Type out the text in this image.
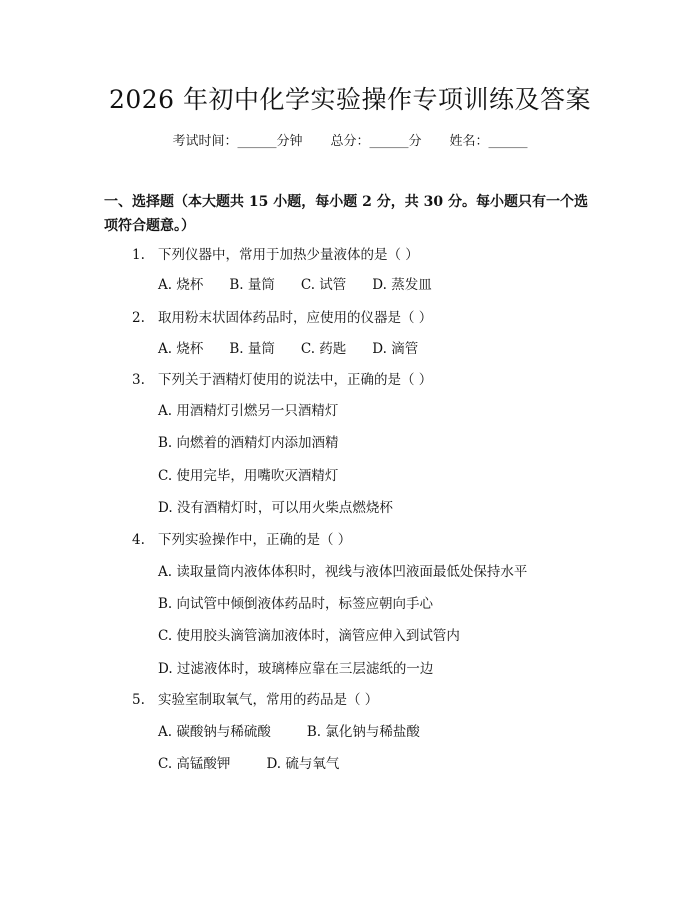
2026 年初中化学实验操作专项训练及答案
考试时间：______分钟 总分：______分 姓名：______
一、选择题（本大题共 15 小题，每小题 2 分，共 30 分。每小题只有一个选项符合题意。）
1. 下列仪器中，常用于加热少量液体的是（ ）
A. 烧杯 B. 量筒 C. 试管 D. 蒸发皿
2. 取用粉末状固体药品时，应使用的仪器是（ ）
A. 烧杯 B. 量筒 C. 药匙 D. 滴管
3. 下列关于酒精灯使用的说法中，正确的是（ ）
A. 用酒精灯引燃另一只酒精灯
B. 向燃着的酒精灯内添加酒精
C. 使用完毕，用嘴吹灭酒精灯
D. 没有酒精灯时，可以用火柴点燃烧杯
4. 下列实验操作中，正确的是（ ）
A. 读取量筒内液体体积时，视线与液体凹液面最低处保持水平
B. 向试管中倾倒液体药品时，标签应朝向手心
C. 使用胶头滴管滴加液体时，滴管应伸入到试管内
D. 过滤液体时，玻璃棒应靠在三层滤纸的一边
5. 实验室制取氧气，常用的药品是（ ）
A. 碳酸钠与稀硫酸	B. 氯化钠与稀盐酸
C. 高锰酸钾	D. 硫与氧气
